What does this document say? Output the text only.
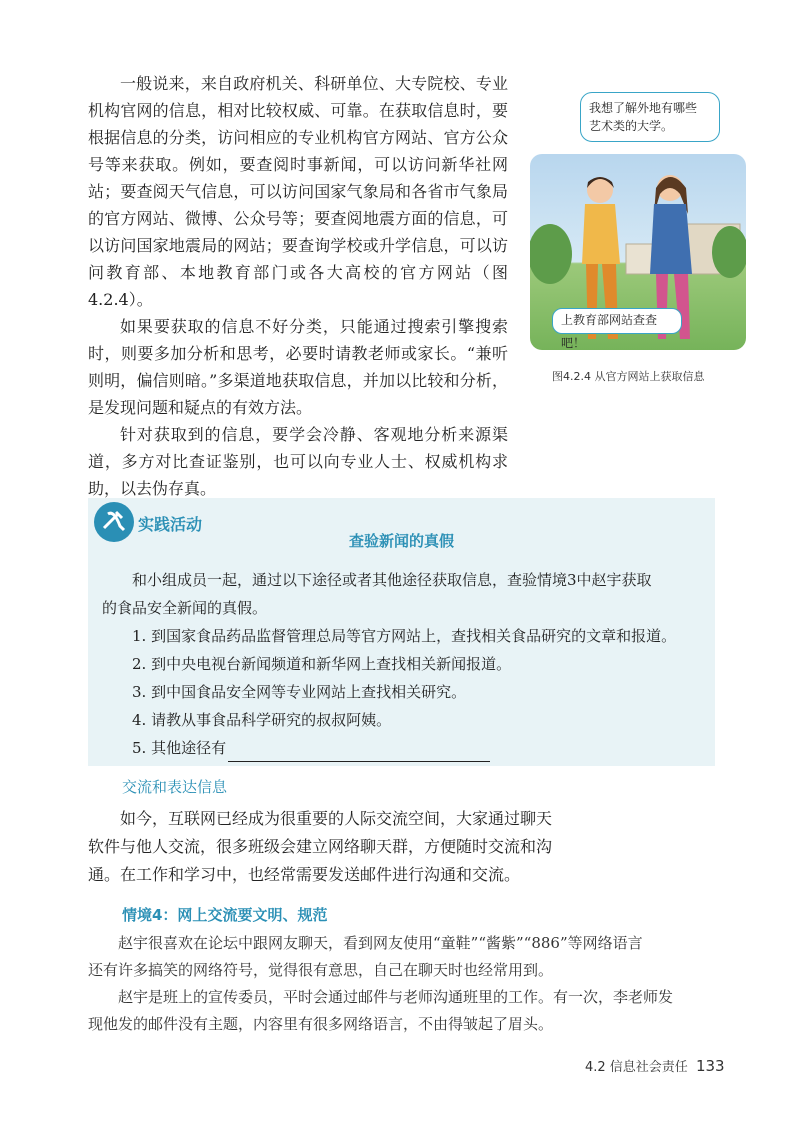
一般说来，来自政府机关、科研单位、大专院校、专业机构官网的信息，相对比较权威、可靠。在获取信息时，要根据信息的分类，访问相应的专业机构官方网站、官方公众号等来获取。例如，要查阅时事新闻，可以访问新华社网站；要查阅天气信息，可以访问国家气象局和各省市气象局的官方网站、微博、公众号等；要查阅地震方面的信息，可以访问国家地震局的网站；要查询学校或升学信息，可以访问教育部、本地教育部门或各大高校的官方网站（图4.2.4）。

如果要获取的信息不好分类，只能通过搜索引擎搜索时，则要多加分析和思考，必要时请教老师或家长。“兼听则明，偏信则暗。”多渠道地获取信息，并加以比较和分析，是发现问题和疑点的有效方法。

针对获取到的信息，要学会冷静、客观地分析来源渠道，多方对比查证鉴别，也可以向专业人士、权威机构求助，以去伪存真。

我想了解外地有哪些
艺术类的大学。
上教育部网站查查吧！
图4.2.4 从官方网站上获取信息
实践活动
查验新闻的真假
和小组成员一起，通过以下途径或者其他途径获取信息，查验情境3中赵宇获取
的食品安全新闻的真假。
1. 到国家食品药品监督管理总局等官方网站上，查找相关食品研究的文章和报道。
2. 到中央电视台新闻频道和新华网上查找相关新闻报道。
3. 到中国食品安全网等专业网站上查找相关研究。
4. 请教从事食品科学研究的叔叔阿姨。
5. 其他途径有
交流和表达信息
如今，互联网已经成为很重要的人际交流空间，大家通过聊天
软件与他人交流，很多班级会建立网络聊天群，方便随时交流和沟
通。在工作和学习中，也经常需要发送邮件进行沟通和交流。
情境4：网上交流要文明、规范
赵宇很喜欢在论坛中跟网友聊天，看到网友使用“童鞋”“酱紫”“886”等网络语言
还有许多搞笑的网络符号，觉得很有意思，自己在聊天时也经常用到。
赵宇是班上的宣传委员，平时会通过邮件与老师沟通班里的工作。有一次，李老师发
现他发的邮件没有主题，内容里有很多网络语言，不由得皱起了眉头。
4.2 信息社会责任 133
